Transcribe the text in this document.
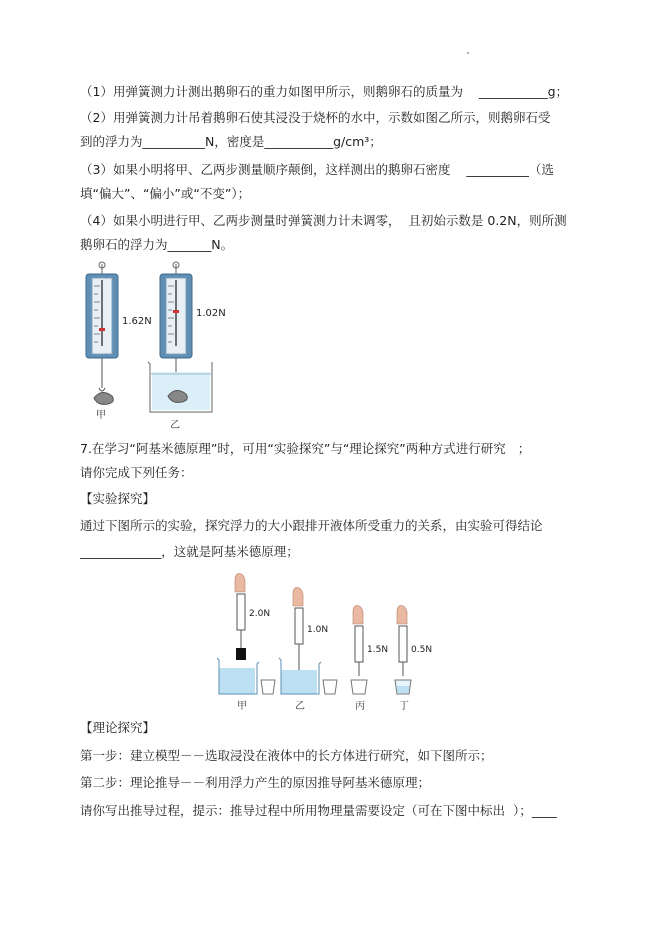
（1）用弹簧测力计测出鹅卵石的重力如图甲所示，则鹅卵石的质量为    ___________g；
（2）用弹簧测力计吊着鹅卵石使其浸没于烧杯的水中，示数如图乙所示，则鹅卵石受
到的浮力为__________N，密度是___________g/cm³；
（3）如果小明将甲、乙两步测量顺序颠倒，这样测出的鹅卵石密度    __________（选
填“偏大”、“偏小”或“不变”）；
（4）如果小明进行甲、乙两步测量时弹簧测力计未调零，  且初始示数是 0.2N，则所测
鹅卵石的浮力为_______N。
1.62N
甲
1.02N
乙
7.在学习“阿基米德原理”时，可用“实验探究”与“理论探究”两种方式进行研究   ；
请你完成下列任务：
【实验探究】
通过下图所示的实验，探究浮力的大小跟排开液体所受重力的关系，由实验可得结论
_____________，这就是阿基米德原理；
2.0N
甲
1.0N
乙
1.5N
丙
0.5N
丁
【理论探究】
第一步：建立模型－－选取浸没在液体中的长方体进行研究，如下图所示；
第二步：理论推导－－利用浮力产生的原因推导阿基米德原理；
请你写出推导过程，提示：推导过程中所用物理量需要设定（可在下图中标出  ）；____
